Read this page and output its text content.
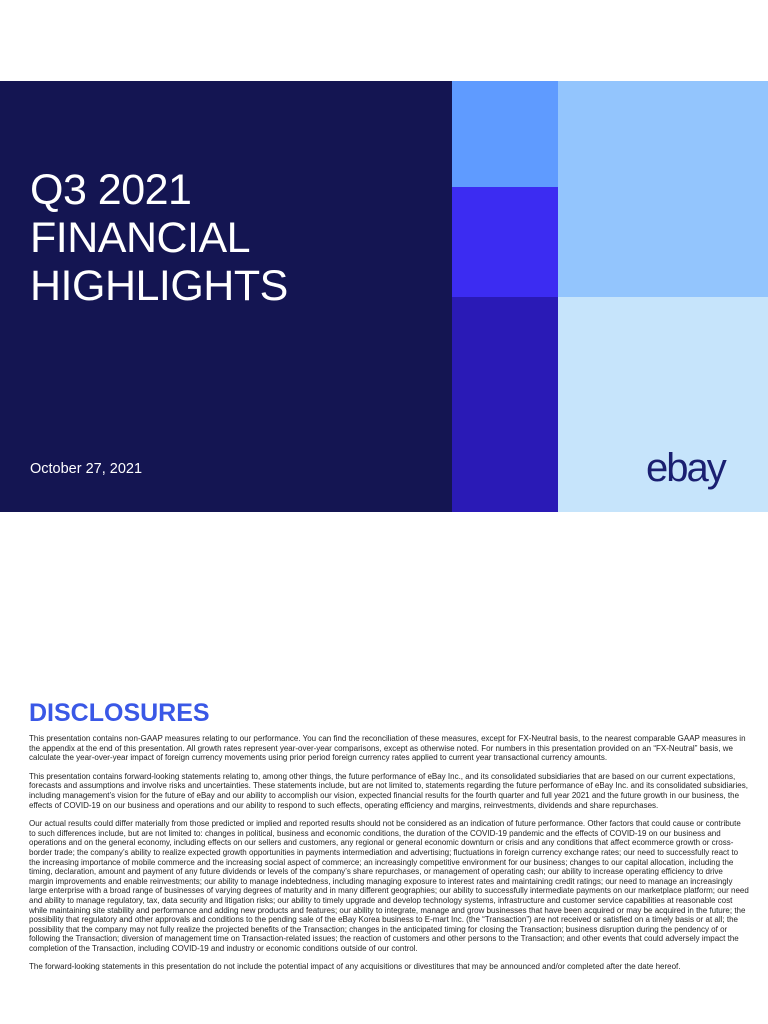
Q3 2021
FINANCIAL
HIGHLIGHTS
October 27, 2021	ebay
DISCLOSURES

This presentation contains non-GAAP measures relating to our performance. You can find the reconciliation of these measures, except for FX-Neutral basis, to the nearest comparable GAAP measures in the appendix at the end of this presentation. All growth rates represent year-over-year comparisons, except as otherwise noted. For numbers in this presentation provided on an “FX-Neutral” basis, we calculate the year-over-year impact of foreign currency movements using prior period foreign currency rates applied to current year transactional currency amounts.

This presentation contains forward-looking statements relating to, among other things, the future performance of eBay Inc., and its consolidated subsidiaries that are based on our current expectations, forecasts and assumptions and involve risks and uncertainties. These statements include, but are not limited to, statements regarding the future performance of eBay Inc. and its consolidated subsidiaries, including management’s vision for the future of eBay and our ability to accomplish our vision, expected financial results for the fourth quarter and full year 2021 and the future growth in our business, the effects of COVID-19 on our business and operations and our ability to respond to such effects, operating efficiency and margins, reinvestments, dividends and share repurchases.

Our actual results could differ materially from those predicted or implied and reported results should not be considered as an indication of future performance. Other factors that could cause or contribute to such differences include, but are not limited to: changes in political, business and economic conditions, the duration of the COVID-19 pandemic and the effects of COVID-19 on our business and operations and on the general economy, including effects on our sellers and customers, any regional or general economic downturn or crisis and any conditions that affect ecommerce growth or cross-border trade; the company’s ability to realize expected growth opportunities in payments intermediation and advertising; fluctuations in foreign currency exchange rates; our need to successfully react to the increasing importance of mobile commerce and the increasing social aspect of commerce; an increasingly competitive environment for our business; changes to our capital allocation, including the timing, declaration, amount and payment of any future dividends or levels of the company’s share repurchases, or management of operating cash; our ability to increase operating efficiency to drive margin improvements and enable reinvestments; our ability to manage indebtedness, including managing exposure to interest rates and maintaining credit ratings; our need to manage an increasingly large enterprise with a broad range of businesses of varying degrees of maturity and in many different geographies; our ability to successfully intermediate payments on our marketplace platform; our need and ability to manage regulatory, tax, data security and litigation risks; our ability to timely upgrade and develop technology systems, infrastructure and customer service capabilities at reasonable cost while maintaining site stability and performance and adding new products and features; our ability to integrate, manage and grow businesses that have been acquired or may be acquired in the future; the possibility that regulatory and other approvals and conditions to the pending sale of the eBay Korea business to E-mart Inc. (the “Transaction”) are not received or satisfied on a timely basis or at all; the possibility that the company may not fully realize the projected benefits of the Transaction; changes in the anticipated timing for closing the Transaction; business disruption during the pendency of or following the Transaction; diversion of management time on Transaction-related issues; the reaction of customers and other persons to the Transaction; and other events that could adversely impact the completion of the Transaction, including COVID-19 and industry or economic conditions outside of our control.

The forward-looking statements in this presentation do not include the potential impact of any acquisitions or divestitures that may be announced and/or completed after the date hereof.
